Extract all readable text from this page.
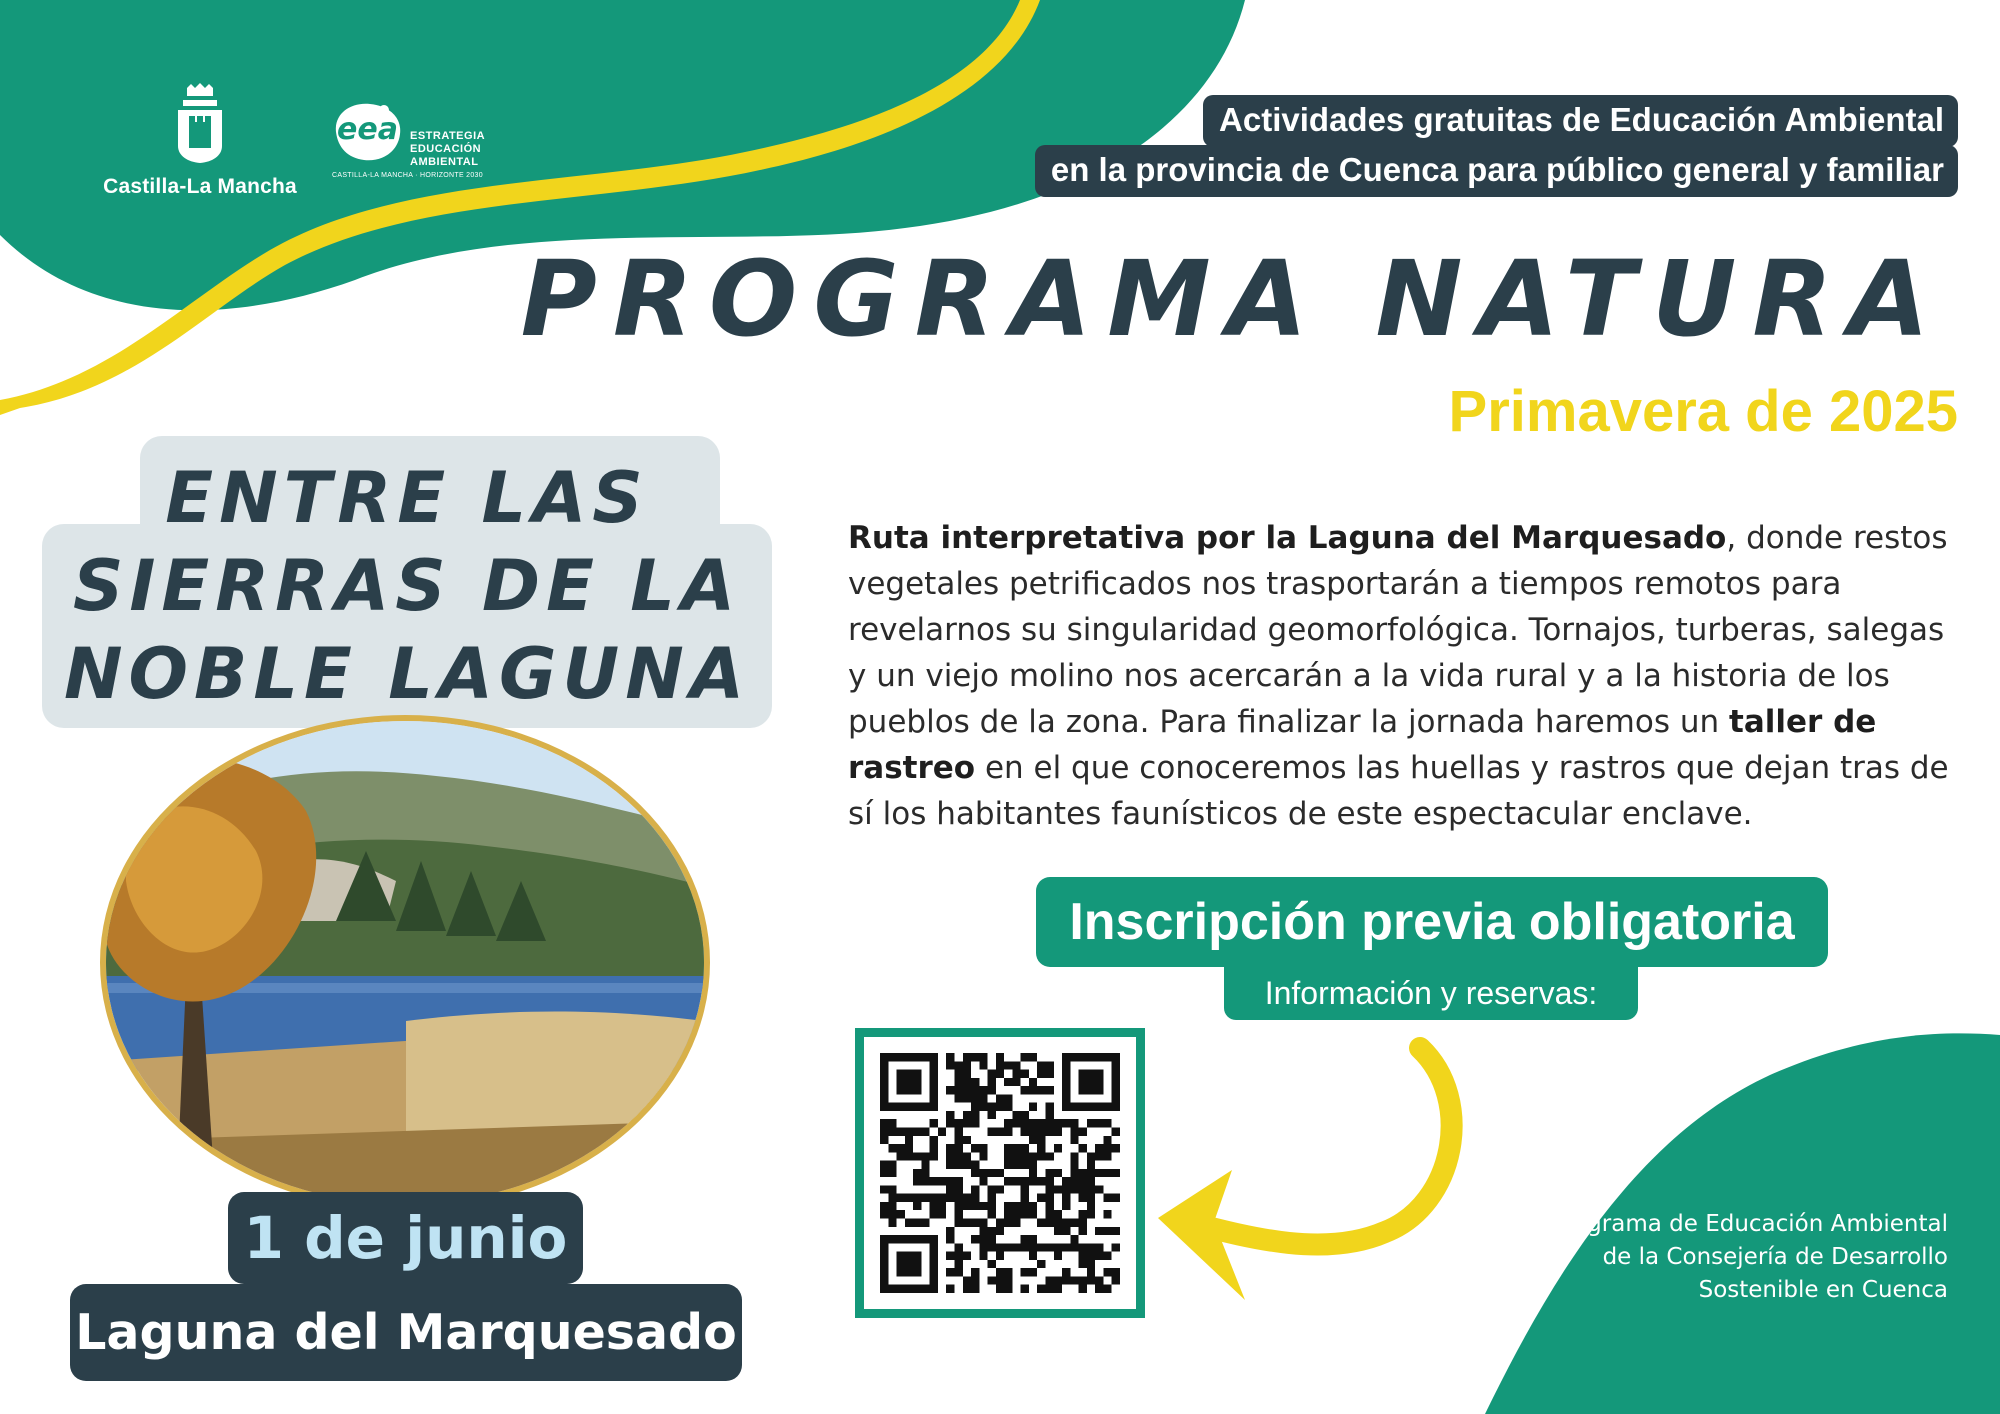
Castilla-La Mancha
eea ESTRATEGIA
EDUCACIÓN
AMBIENTAL
CASTILLA-LA MANCHA · HORIZONTE 2030
Actividades gratuitas de Educación Ambiental
en la provincia de Cuenca para público general y familiar
PROGRAMA NATURA
Primavera de 2025
ENTRE LAS
SIERRAS DE LA
NOBLE LAGUNA
1 de junio
Laguna del Marquesado
Ruta interpretativa por la Laguna del Marquesado, donde restos vegetales petrificados nos trasportarán a tiempos remotos para revelarnos su singularidad geomorfológica. Tornajos, turberas, salegas y un viejo molino nos acercarán a la vida rural y a la historia de los pueblos de la zona. Para finalizar la jornada haremos un taller de rastreo en el que conoceremos las huellas y rastros que dejan tras de sí los habitantes faunísticos de este espectacular enclave.
Inscripción previa obligatoria
Información y reservas:
Programa de Educación Ambiental
de la Consejería de Desarrollo
Sostenible en Cuenca
